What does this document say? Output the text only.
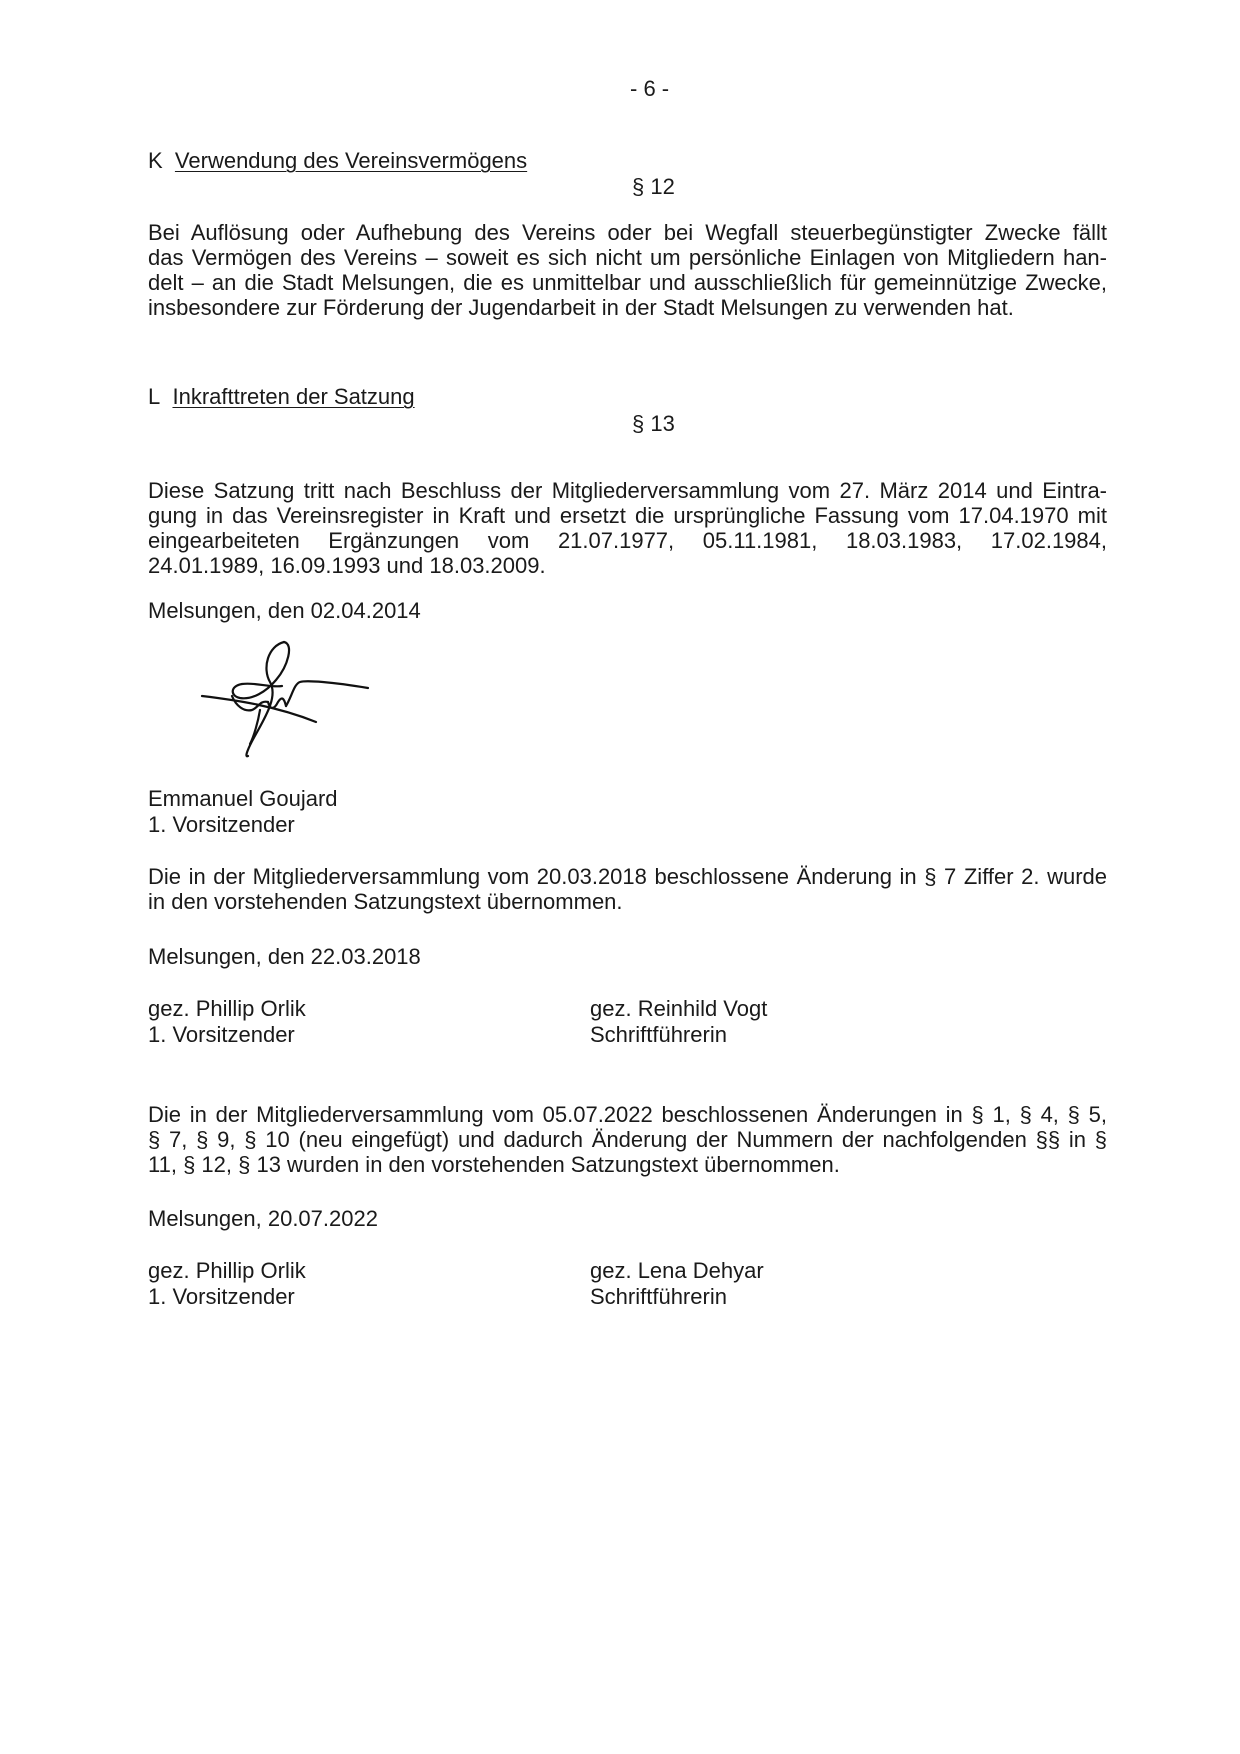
- 6 -
K Verwendung des Vereinsvermögens
§ 12
Bei Auflösung oder Aufhebung des Vereins oder bei Wegfall steuerbegünstigter Zwecke fällt
das Vermögen des Vereins – soweit es sich nicht um persönliche Einlagen von Mitgliedern han-
delt – an die Stadt Melsungen, die es unmittelbar und ausschließlich für gemeinnützige Zwecke,
insbesondere zur Förderung der Jugendarbeit in der Stadt Melsungen zu verwenden hat.
L Inkrafttreten der Satzung
§ 13
Diese Satzung tritt nach Beschluss der Mitgliederversammlung vom 27. März 2014 und Eintra-
gung in das Vereinsregister in Kraft und ersetzt die ursprüngliche Fassung vom 17.04.1970 mit
eingearbeiteten Ergänzungen vom 21.07.1977, 05.11.1981, 18.03.1983, 17.02.1984,
24.01.1989, 16.09.1993 und 18.03.2009.
Melsungen, den 02.04.2014
Emmanuel Goujard
1. Vorsitzender
Die in der Mitgliederversammlung vom 20.03.2018 beschlossene Änderung in § 7 Ziffer 2. wurde
in den vorstehenden Satzungstext übernommen.
Melsungen, den 22.03.2018
gez. Phillip Orlik
1. Vorsitzender
gez. Reinhild Vogt
Schriftführerin
Die in der Mitgliederversammlung vom 05.07.2022 beschlossenen Änderungen in § 1, § 4, § 5,
§ 7, § 9, § 10 (neu eingefügt) und dadurch Änderung der Nummern der nachfolgenden §§ in §
11, § 12, § 13 wurden in den vorstehenden Satzungstext übernommen.
Melsungen, 20.07.2022
gez. Phillip Orlik
1. Vorsitzender
gez. Lena Dehyar
Schriftführerin
